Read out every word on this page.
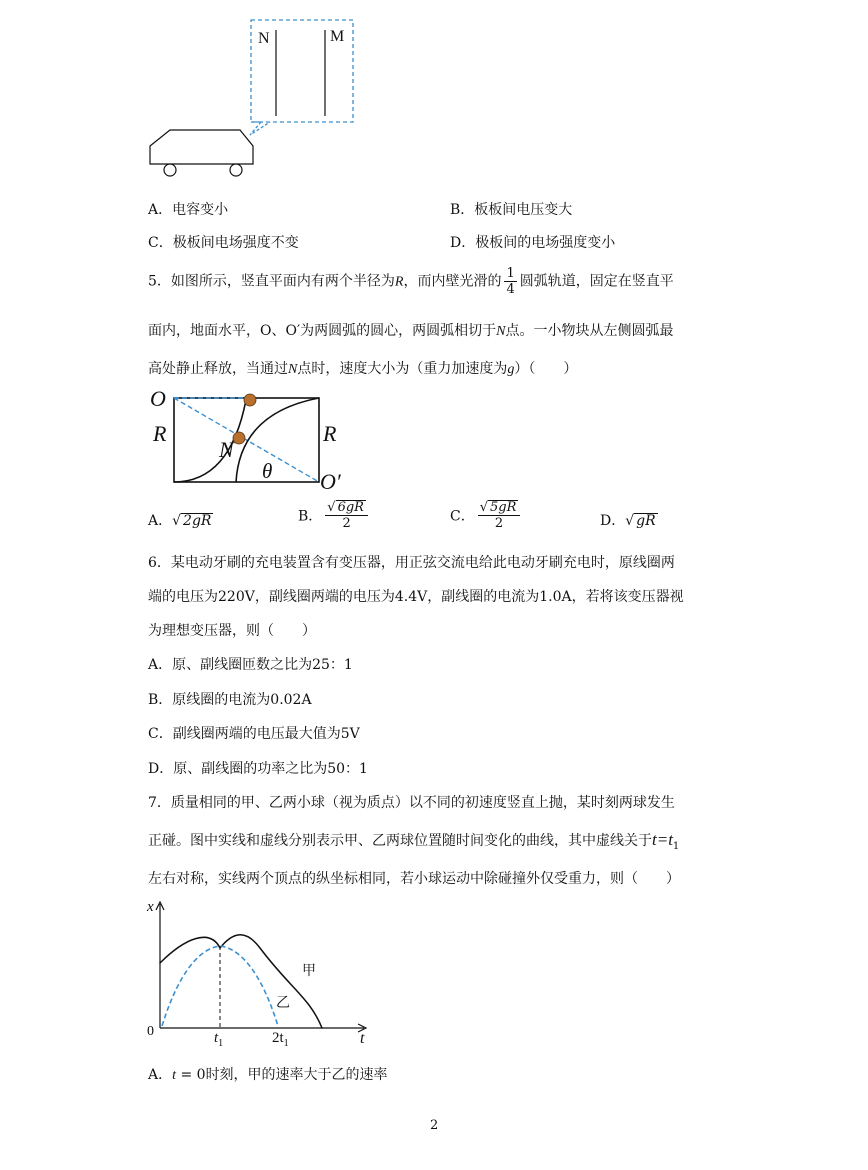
N	M
A．电容变小	B．板板间电压变大
C．极板间电场强度不变	D．极板间的电场强度变小
5．如图所示，竖直平面内有两个半径为R，而内壁光滑的 $\frac{1}{4}$ 圆弧轨道，固定在竖直平
面内，地面水平，O、O′为两圆弧的圆心，两圆弧相切于N点。一小物块从左侧圆弧最
高处静止释放，当通过N点时，速度大小为（重力加速度为g）（　　）
O
R
N
R
θ O′
A．√ 2gR	B． $\frac{√ 6gR}{2}$	C． $\frac{√ 5gR}{2}$	D．√ gR
6．某电动牙刷的充电装置含有变压器，用正弦交流电给此电动牙刷充电时，原线圈两
端的电压为220V，副线圈两端的电压为4.4V，副线圈的电流为1.0A，若将该变压器视
为理想变压器，则（　　）
A．原、副线圈匝数之比为25：1
B．原线圈的电流为0.02A
C．副线圈两端的电压最大值为5V
D．原、副线圈的功率之比为50：1
7．质量相同的甲、乙两小球（视为质点）以不同的初速度竖直上抛，某时刻两球发生
正碰。图中实线和虚线分别表示甲、乙两球位置随时间变化的曲线，其中虚线关于$t=t_1$
左右对称，实线两个顶点的纵坐标相同，若小球运动中除碰撞外仅受重力，则（　　）
x
t
0	$t_1$	$2t_1$
甲
乙
A．t = 0时刻，甲的速率大于乙的速率
2
